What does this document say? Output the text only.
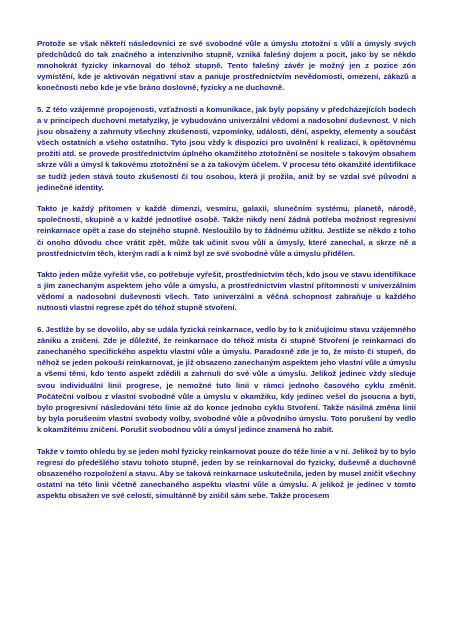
Protože se však někteří následovníci ze své svobodné vůle a úmyslu ztotožní s vůlí a úmysly svých předchůdců do tak značného a intenzivního stupně, vzniká falešný dojem a pocit, jako by se někdo mnohokrát fyzicky inkarnoval do téhož stupně. Tento falešný závěr je možný jen z pozice zón vymístění, kde je aktivován negativní stav a panuje prostřednictvím nevědomosti, omezení, zákazů a konečnosti nebo kde je vše bráno doslovně, fyzicky a ne duchovně.

5. Z této vzájemné propojenosti, vzťažnosti a komunikace, jak byly popsány v předcházejících bodech a v principech duchovní metafyziky, je vybudováno univerzální vědomí a nadosobní duševnost. V nich jsou obsaženy a zahrnuty všechny zkušenosti, vzpomínky, události, dění, aspekty, elementy a součást všech ostatních a všeho ostatního. Tyto jsou vždy k dispozici pro uvolnění k realizaci, k opětovnému prožití atd. se provede prostřednictvím úplného okamžitého ztotožnění se nositele s takovým obsahem skrze vůli a úmysl k takovému ztotožnění se a za takovým účelem. V procesu této okamžité identifikace se tudíž jeden stává touto zkušeností či tou osobou, která ji prožila, aniž by se vzdal své původní a jedinečné identity.

Takto je každý přítomen v každé dimenzi, vesmíru, galaxii, slunečním systému, planetě, národě, společnosti, skupině a v každé jednotlivé osobě. Takže nikdy není žádná potřeba možnost regresivní reinkarnace opět a zase do stejného stupně. Nesloužilo by to žádnému užitku. Jestliže se někdo z toho či onoho důvodu chce vrátit zpět, může tak učinit svou vůlí a úmysly, které zanechal, a skrze ně a prostřednictvím těch, kterým radí a k nimž byl ze své svobodné vůle a úmyslu přidělen.

Takto jeden může vyřešit vše, co potřebuje vyřešit, prostřednictvím těch, kdo jsou ve stavu identifikace s jím zanechaným aspektem jeho vůle a úmyslu, a prostřednictvím vlastní přítomnosti v univerzálním vědomí a nadosobní duševnosti všech. Tato univerzální a věčná schopnost zabraňuje u každého nutnosti vlastní regrese zpět do téhož stupně stvoření.

6. Jestliže by se dovolilo, aby se udála fyzická reinkarnace, vedlo by to k zničujícímu stavu vzájemného zániku a zničení. Zde je důležité, že reinkarnace do téhož místa či stupně Stvoření je reinkarnací do zanechaného specifického aspektu vlastní vůle a úmyslu. Paradoxně zde je to, že místo či stupeň, do něhož se jeden pokouší reinkarnovat, je již obsazeno zanechaným aspektem jeho vlastní vůle a úmyslu a všemi těmi, kdo tento aspekt zdědili a zahrnuli do své vůle a úmyslu. Jelikož jedinec vždy sleduje svou individuální linii progrese, je nemožné tuto linii v rámci jednoho časového cyklu změnit. Počáteční volbou z vlastní svobodné vůle a úmyslu v okamžiku, kdy jedinec vešel do jsoucna a bytí, bylo progresivní následování této linie až do konce jednoho cyklu Stvoření. Takže násilná změna linií by byla porušením vlastní svobody volby, svobodné vůle a původního úmyslu. Toto porušení by vedlo k okamžitému zničení. Porušit svobodnou vůli a úmysl jedince znamená ho zabít.

Takže v tomto ohledu by se jeden mohl fyzicky reinkarnovat pouze do téže linie a v ní. Jelikož by to bylo regresí do předešlého stavu tohoto stupně, jeden by se reinkarnoval do fyzicky, duševně a duchovně obsazeného rozpoložení a stavu. Aby se taková reinkarnace uskutečnila, jeden by musel zničit všechny ostatní na této linii včetně zanechaného aspektu vlastní vůle a úmyslu. A jelikož je jedinec v tomto aspektu obsažen ve své celosti, simultánně by zničil sám sebe. Takže procesem
